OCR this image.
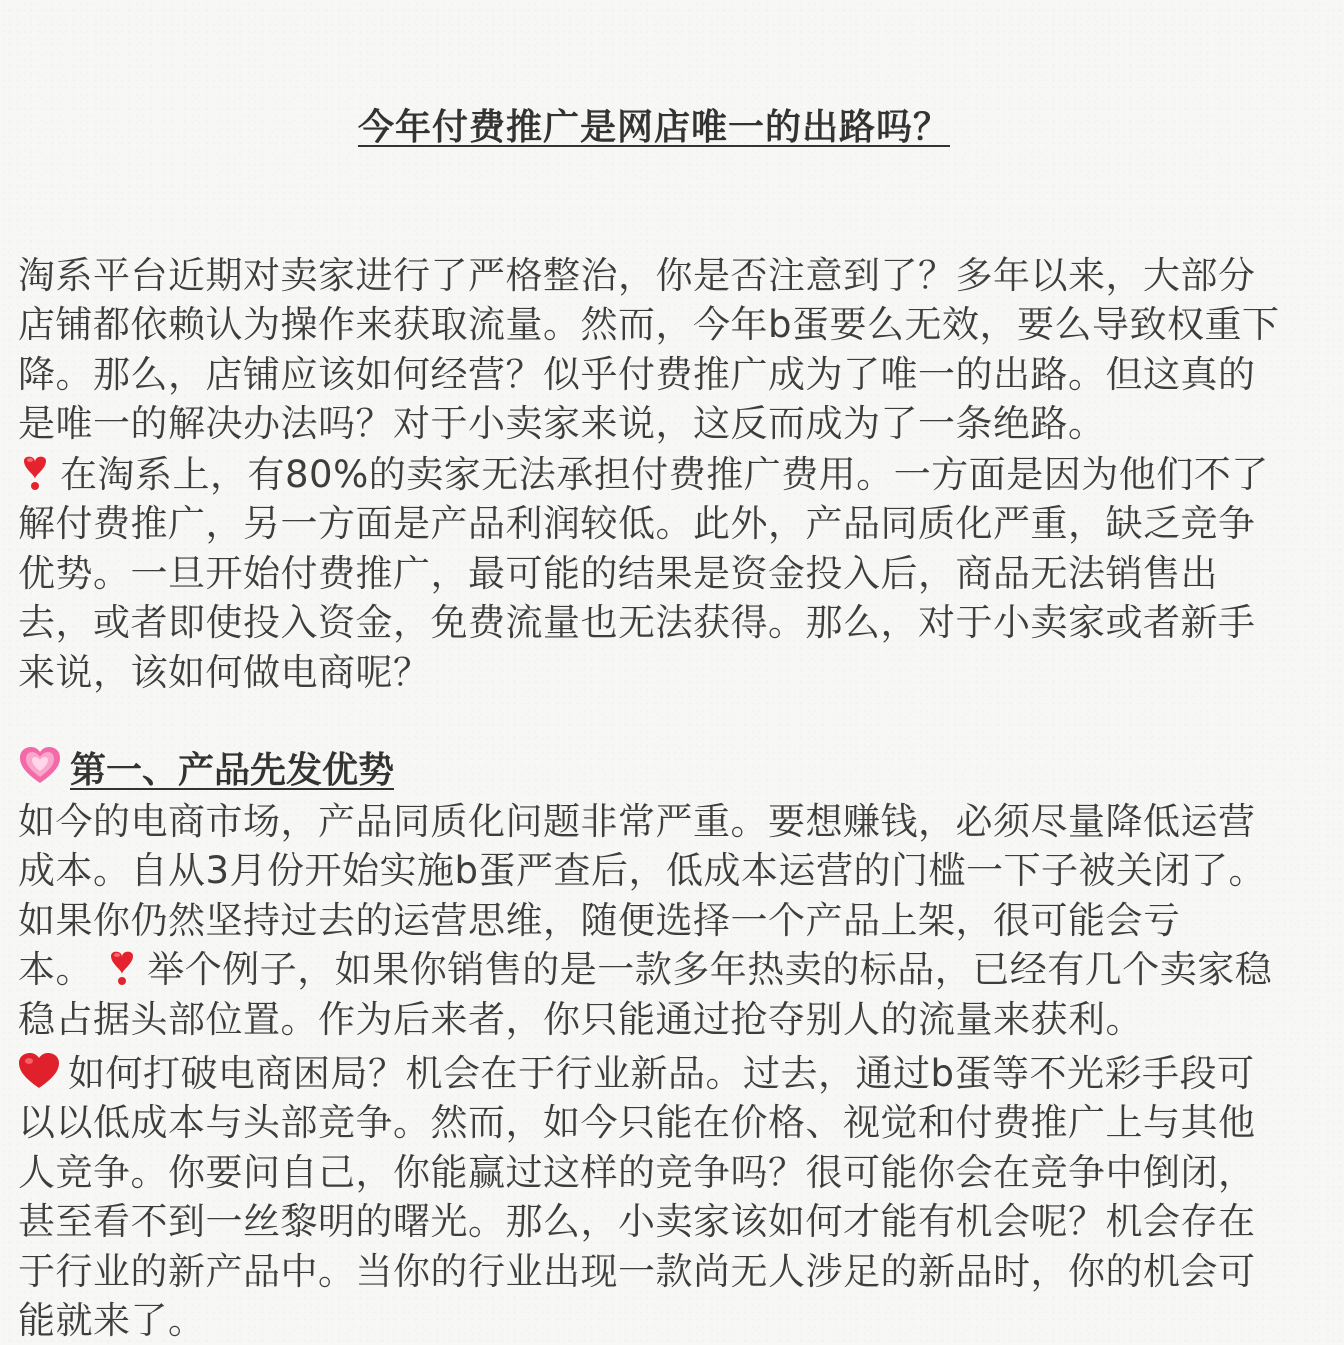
今年付费推广是网店唯一的出路吗？
淘系平台近期对卖家进行了严格整治，你是否注意到了？多年以来，大部分
店铺都依赖认为操作来获取流量。然而，今年b蛋要么无效，要么导致权重下
降。那么，店铺应该如何经营？似乎付费推广成为了唯一的出路。但这真的
是唯一的解决办法吗？对于小卖家来说，这反而成为了一条绝路。
在淘系上，有80%的卖家无法承担付费推广费用。一方面是因为他们不了
解付费推广，另一方面是产品利润较低。此外，产品同质化严重，缺乏竞争
优势。一旦开始付费推广，最可能的结果是资金投入后，商品无法销售出
去，或者即使投入资金，免费流量也无法获得。那么，对于小卖家或者新手
来说，该如何做电商呢？
第一、产品先发优势
如今的电商市场，产品同质化问题非常严重。要想赚钱，必须尽量降低运营
成本。自从3月份开始实施b蛋严查后，低成本运营的门槛一下子被关闭了。
如果你仍然坚持过去的运营思维，随便选择一个产品上架，很可能会亏
本。 举个例子，如果你销售的是一款多年热卖的标品，已经有几个卖家稳
稳占据头部位置。作为后来者，你只能通过抢夺别人的流量来获利。
如何打破电商困局？机会在于行业新品。过去，通过b蛋等不光彩手段可
以以低成本与头部竞争。然而，如今只能在价格、视觉和付费推广上与其他
人竞争。你要问自己，你能赢过这样的竞争吗？很可能你会在竞争中倒闭，
甚至看不到一丝黎明的曙光。那么，小卖家该如何才能有机会呢？机会存在
于行业的新产品中。当你的行业出现一款尚无人涉足的新品时，你的机会可
能就来了。
